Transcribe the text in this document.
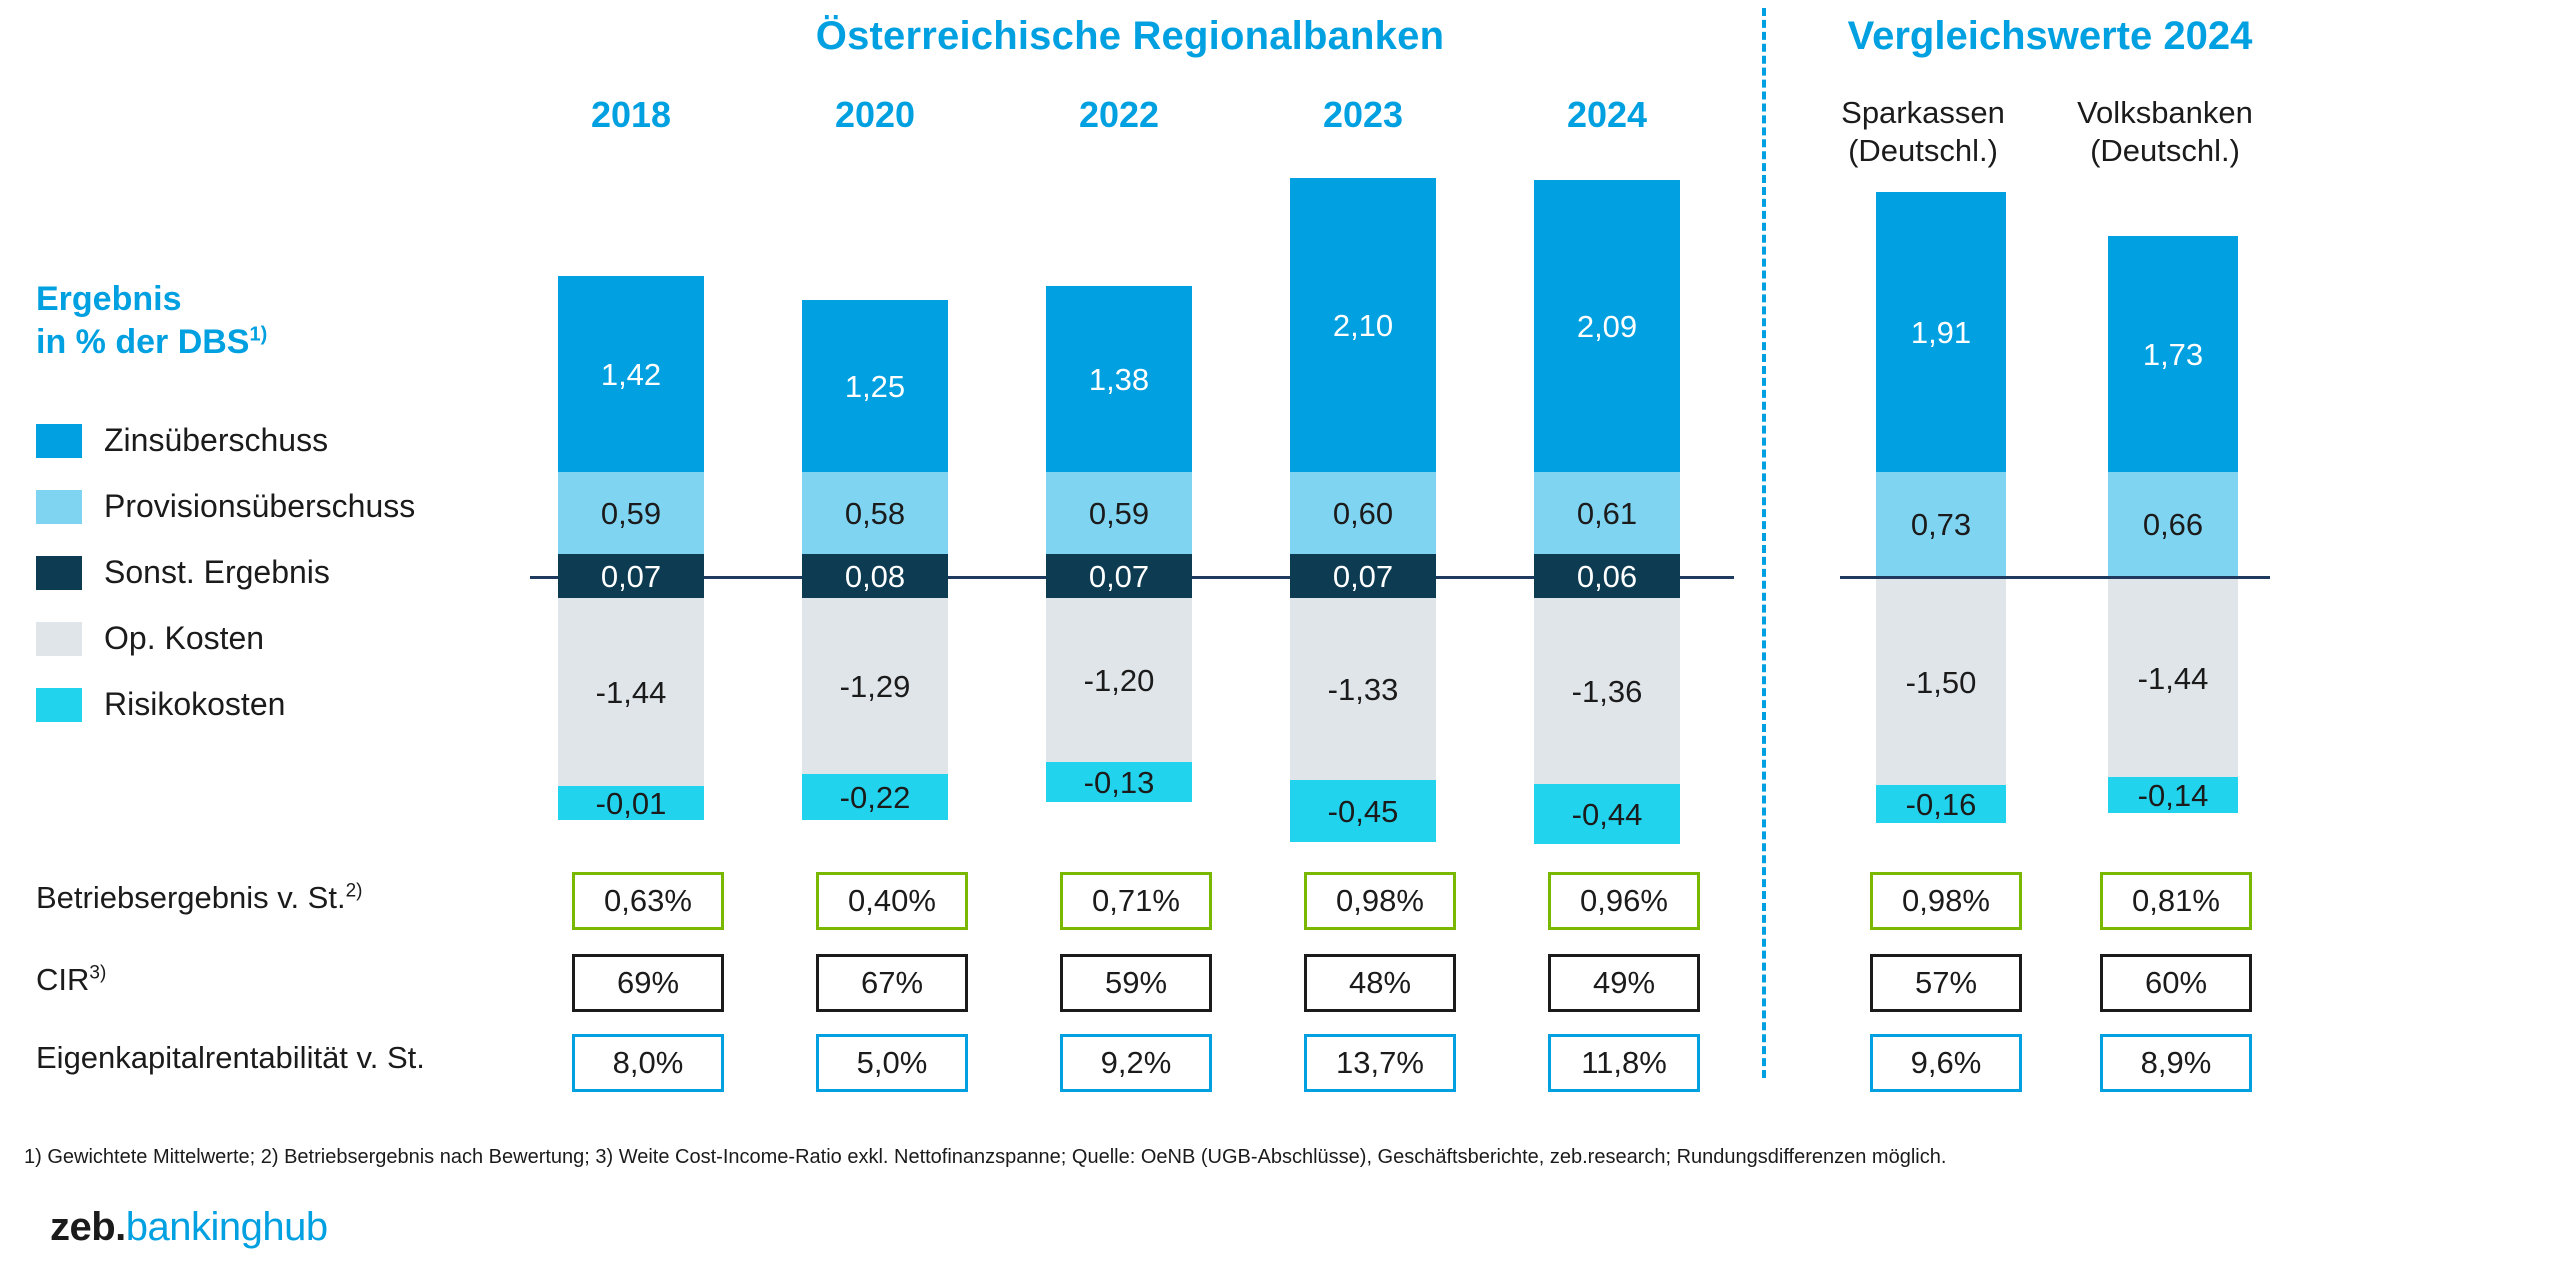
Österreichische Regionalbanken	Vergleichswerte 2024
2018	2020	2022	2023	2024	Sparkassen
(Deutschl.)
Volksbanken
(Deutschl.)
Ergebnis
in % der DBS$^{1)}$
Zinsüberschuss
Provisionsüberschuss
Sonst. Ergebnis
Op. Kosten
Risikokosten
1,42
0,59
0,07
-1,44
-0,01
1,25
0,58
0,08
-1,29
-0,22
1,38
0,59
0,07
-1,20
-0,13
2,10
0,60
0,07
-1,33
-0,45
2,09
0,61
0,06
-1,36
-0,44
1,91
0,73
-1,50
-0,16
1,73
0,66
-1,44
-0,14
Betriebsergebnis v. St.$^{2)}$	0,63%	0,40%	0,71%	0,98%	0,96%	0,98%	0,81%
CIR$^{3)}$	69%	67%	59%	48%	49%	57%	60%
Eigenkapitalrentabilität v. St.	8,0%	5,0%	9,2%	13,7%	11,8%	9,6%	8,9%
1) Gewichtete Mittelwerte; 2) Betriebsergebnis nach Bewertung; 3) Weite Cost-Income-Ratio exkl. Nettofinanzspanne; Quelle: OeNB (UGB-Abschlüsse), Geschäftsberichte, zeb.research; Rundungsdifferenzen möglich.
zeb.bankinghub
